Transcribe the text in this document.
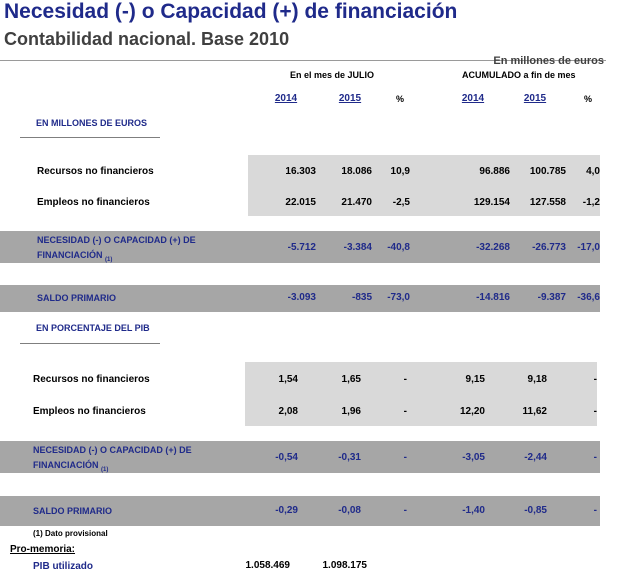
Necesidad (-) o Capacidad (+) de financiación
Contabilidad nacional. Base 2010
En millones de euros
En el mes de JULIO	ACUMULADO a fin de mes
2014	2015	%	2014	2015	%
EN MILLONES DE EUROS
Recursos no financieros	16.303	18.086	10,9	96.886	100.785	4,0
Empleos no financieros	22.015	21.470	-2,5	129.154	127.558	-1,2
NECESIDAD (-) O CAPACIDAD (+) DE
FINANCIACIÓN $_{(1)}$
-5.712	-3.384	-40,8	-32.268	-26.773	-17,0
SALDO PRIMARIO	-3.093	-835	-73,0	-14.816	-9.387	-36,6
EN PORCENTAJE DEL PIB
Recursos no financieros	1,54	1,65	-	9,15	9,18	-
Empleos no financieros	2,08	1,96	-	12,20	11,62	-
NECESIDAD (-) O CAPACIDAD (+) DE
FINANCIACIÓN $_{(1)}$
-0,54	-0,31	-	-3,05	-2,44	-
SALDO PRIMARIO	-0,29	-0,08	-	-1,40	-0,85	-
(1) Dato provisional
Pro-memoria:
PIB utilizado	1.058.469	1.098.175
